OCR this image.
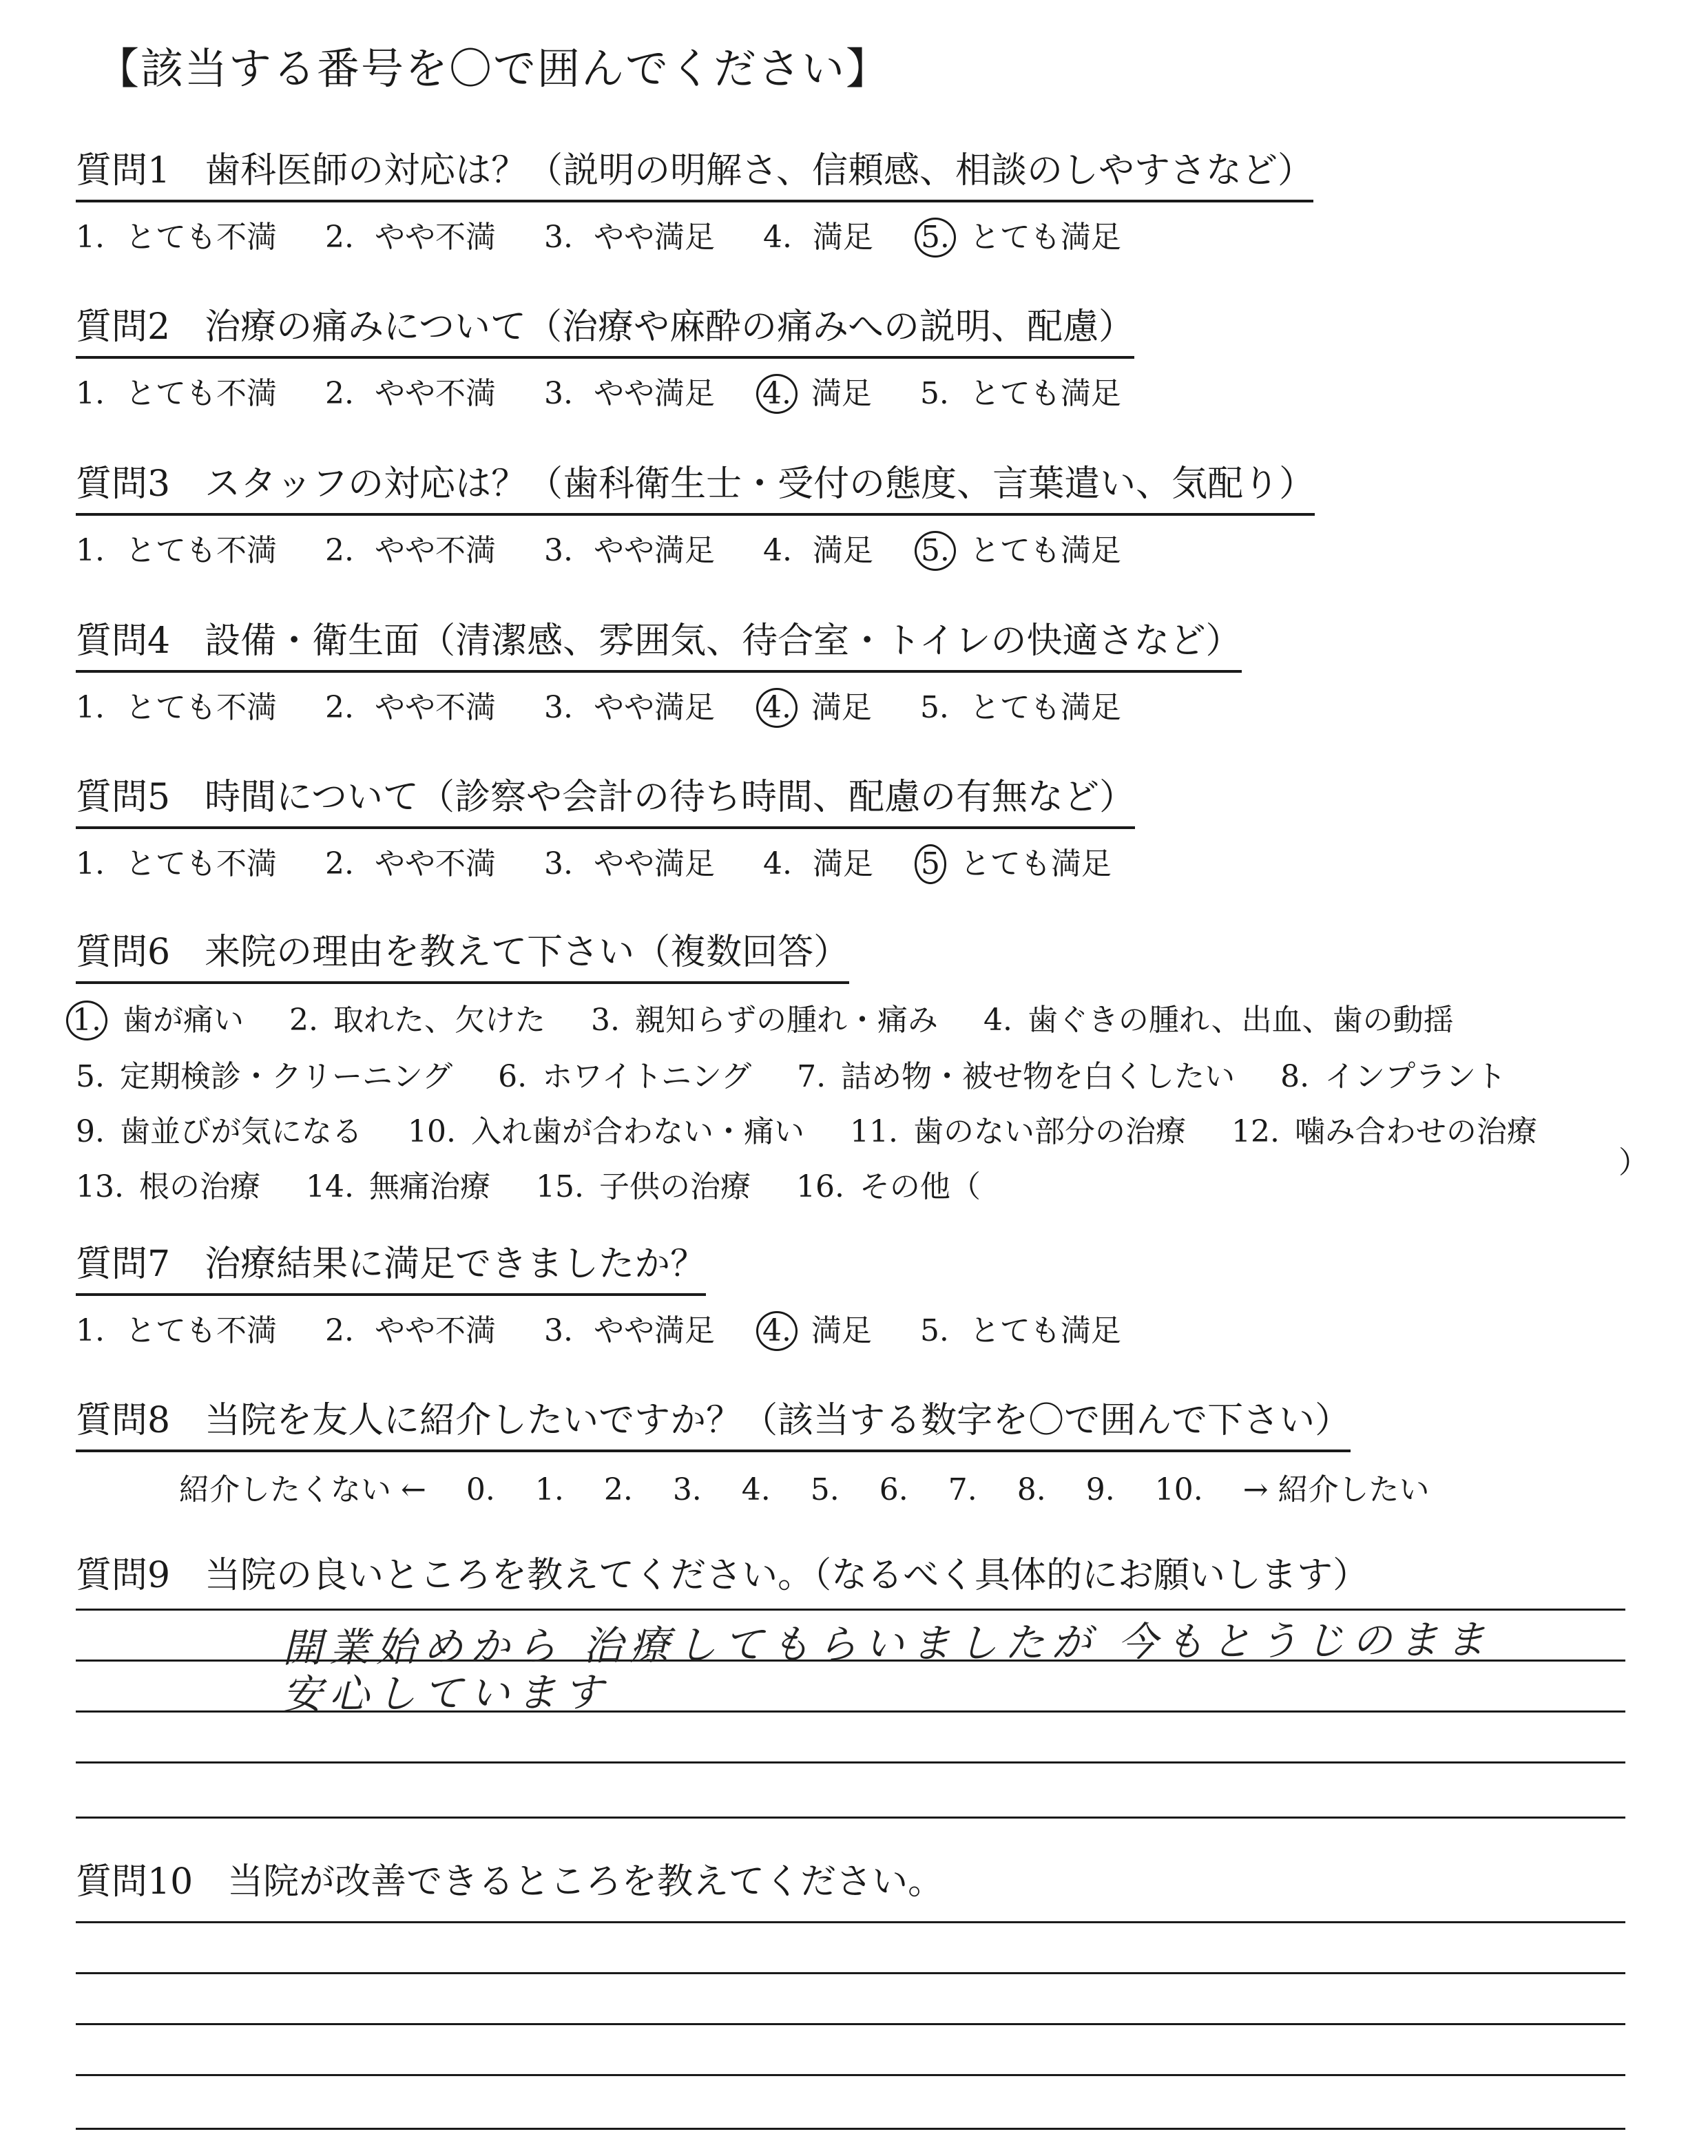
【該当する番号を〇で囲んでください】
質問1 歯科医師の対応は？（説明の明解さ、信頼感、相談のしやすさなど）
1. とても不満 2. やや不満 3. やや満足 4. 満足 5. とても満足
質問2 治療の痛みについて（治療や麻酔の痛みへの説明、配慮）
1. とても不満 2. やや不満 3. やや満足 4. 満足 5. とても満足
質問3 スタッフの対応は？（歯科衛生士・受付の態度、言葉遣い、気配り）
1. とても不満 2. やや不満 3. やや満足 4. 満足 5. とても満足
質問4 設備・衛生面（清潔感、雰囲気、待合室・トイレの快適さなど）
1. とても不満 2. やや不満 3. やや満足 4. 満足 5. とても満足
質問5 時間について（診察や会計の待ち時間、配慮の有無など）
1. とても不満 2. やや不満 3. やや満足 4. 満足 5 とても満足
質問6 来院の理由を教えて下さい（複数回答）
1. 歯が痛い 2. 取れた、欠けた 3. 親知らずの腫れ・痛み 4. 歯ぐきの腫れ、出血、歯の動揺
5. 定期検診・クリーニング 6. ホワイトニング 7. 詰め物・被せ物を白くしたい 8. インプラント
9. 歯並びが気になる 10. 入れ歯が合わない・痛い 11. 歯のない部分の治療 12. 噛み合わせの治療
13. 根の治療 14. 無痛治療 15. 子供の治療 16. その他（
）
質問7 治療結果に満足できましたか？
1. とても不満 2. やや不満 3. やや満足 4. 満足 5. とても満足
質問8 当院を友人に紹介したいですか？（該当する数字を〇で囲んで下さい）
紹介したくない ← 0. 1. 2. 3. 4. 5. 6. 7. 8. 9. 10. → 紹介したい
質問9 当院の良いところを教えてください。（なるべく具体的にお願いします）
開業始めから 治療してもらいましたが 今もとうじのまま
安心しています
質問10 当院が改善できるところを教えてください。
